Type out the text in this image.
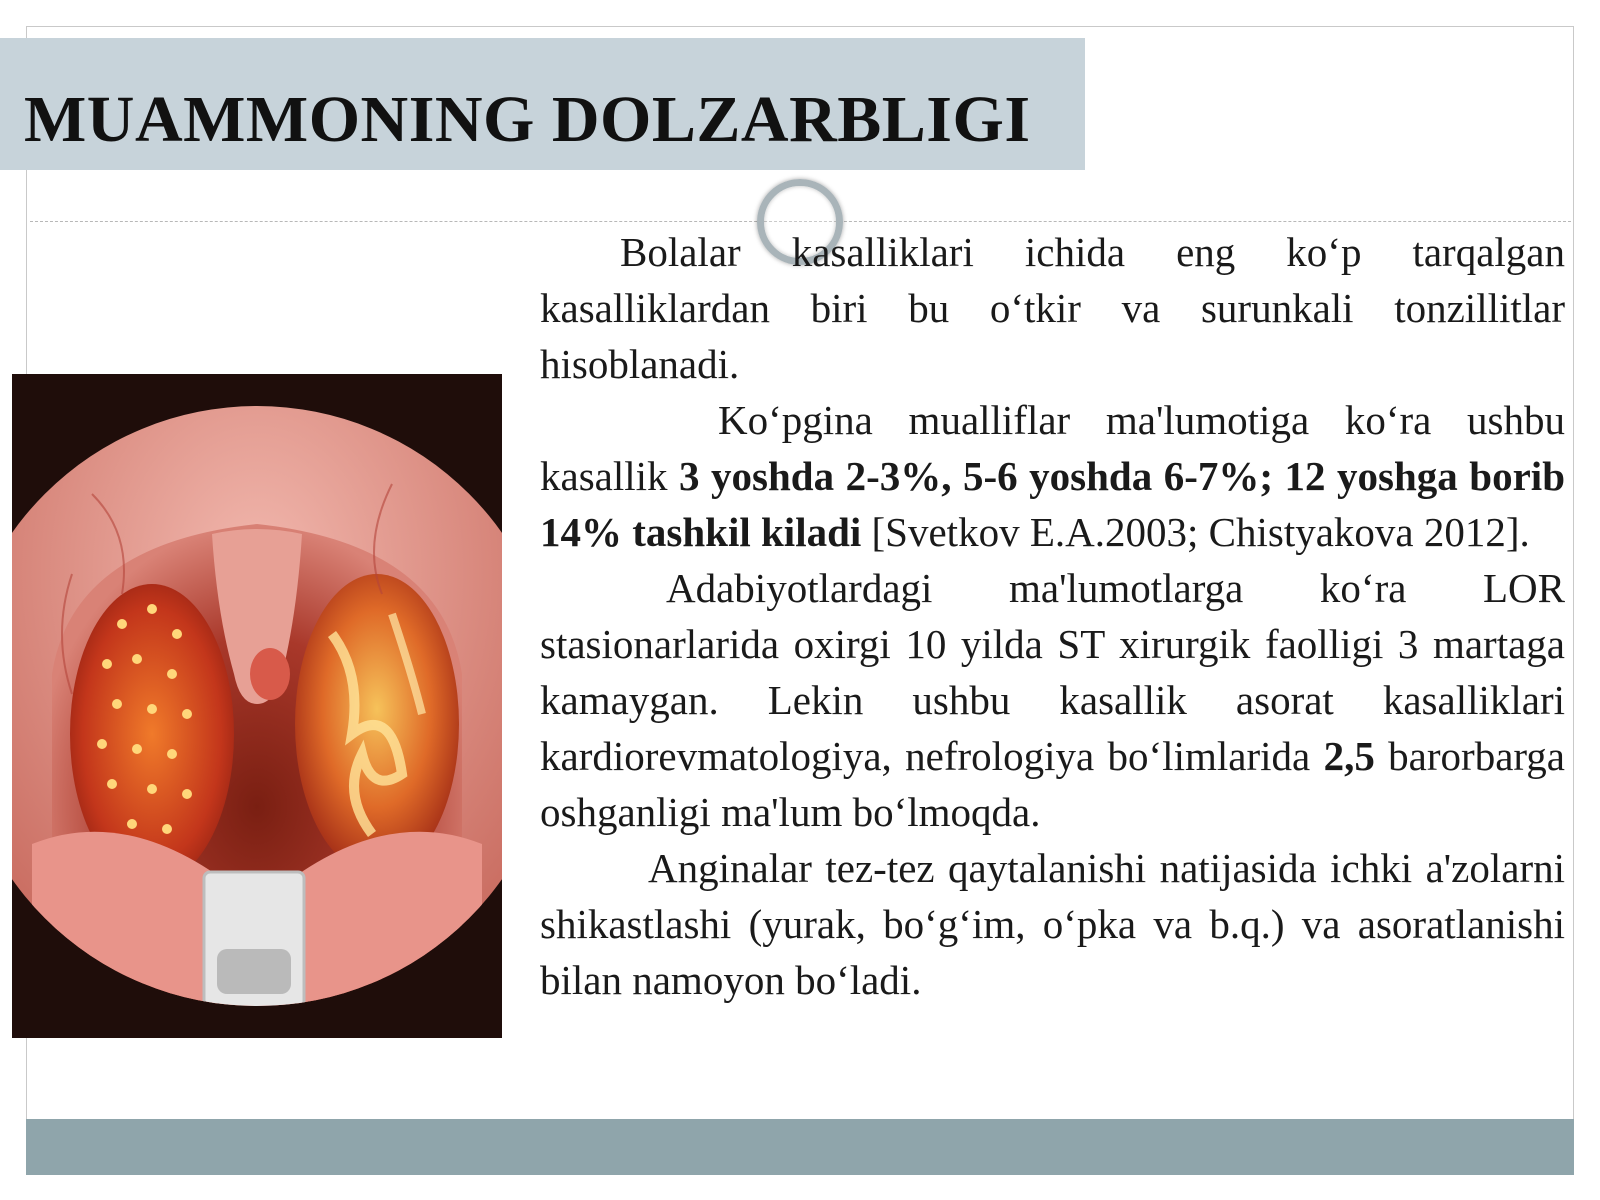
MUAMMONING DOLZARBLIGI

Bolalar kasalliklari ichida eng ko‘p tarqalgan kasalliklardan biri bu o‘tkir va surunkali tonzillitlar hisoblanadi.

Ko‘pgina mualliflar ma'lumotiga ko‘ra ushbu kasallik 3 yoshda 2-3%, 5-6 yoshda 6-7%; 12 yoshga borib 14% tashkil kiladi [Svetkov E.A.2003; Chistyakova 2012].

Adabiyotlardagi ma'lumotlarga ko‘ra LOR stasionarlarida oxirgi 10 yilda ST xirurgik faolligi 3 martaga kamaygan. Lekin ushbu kasallik asorat kasalliklari kardiorevmatologiya, nefrologiya bo‘limlarida 2,5 barorbarga oshganligi ma'lum bo‘lmoqda.

Anginalar tez-tez qaytalanishi natijasida ichki a'zolarni shikastlashi (yurak, bo‘g‘im, o‘pka va b.q.) va asoratlanishi bilan namoyon bo‘ladi.
